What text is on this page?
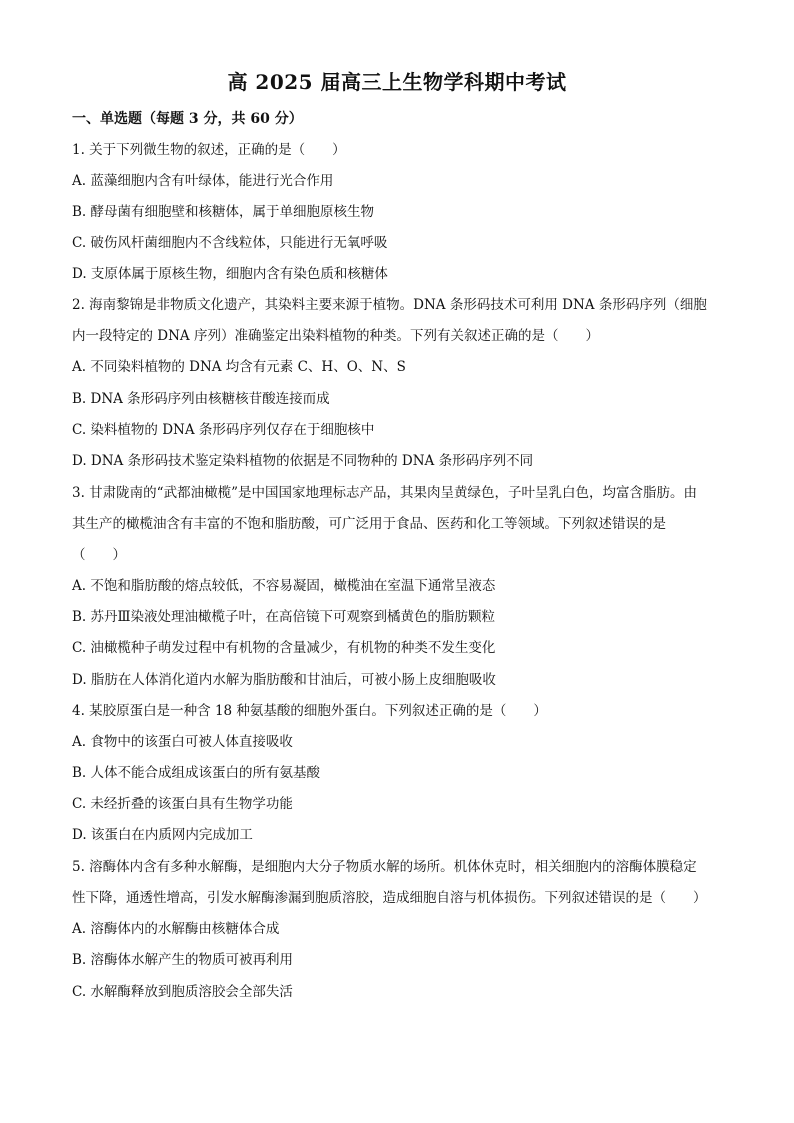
高 2025 届高三上生物学科期中考试
一、单选题（每题 3 分，共 60 分）
1. 关于下列微生物的叙述，正确的是（　　）
A. 蓝藻细胞内含有叶绿体，能进行光合作用
B. 酵母菌有细胞壁和核糖体，属于单细胞原核生物
C. 破伤风杆菌细胞内不含线粒体，只能进行无氧呼吸
D. 支原体属于原核生物，细胞内含有染色质和核糖体
2. 海南黎锦是非物质文化遗产，其染料主要来源于植物。DNA 条形码技术可利用 DNA 条形码序列（细胞
内一段特定的 DNA 序列）准确鉴定出染料植物的种类。下列有关叙述正确的是（　　）
A. 不同染料植物的 DNA 均含有元素 C、H、O、N、S
B. DNA 条形码序列由核糖核苷酸连接而成
C. 染料植物的 DNA 条形码序列仅存在于细胞核中
D. DNA 条形码技术鉴定染料植物的依据是不同物种的 DNA 条形码序列不同
3. 甘肃陇南的“武都油橄榄”是中国国家地理标志产品，其果肉呈黄绿色，子叶呈乳白色，均富含脂肪。由
其生产的橄榄油含有丰富的不饱和脂肪酸，可广泛用于食品、医药和化工等领域。下列叙述错误的是
（　　）
A. 不饱和脂肪酸的熔点较低，不容易凝固，橄榄油在室温下通常呈液态
B. 苏丹Ⅲ染液处理油橄榄子叶，在高倍镜下可观察到橘黄色的脂肪颗粒
C. 油橄榄种子萌发过程中有机物的含量减少，有机物的种类不发生变化
D. 脂肪在人体消化道内水解为脂肪酸和甘油后，可被小肠上皮细胞吸收
4. 某胶原蛋白是一种含 18 种氨基酸的细胞外蛋白。下列叙述正确的是（　　）
A. 食物中的该蛋白可被人体直接吸收
B. 人体不能合成组成该蛋白的所有氨基酸
C. 未经折叠的该蛋白具有生物学功能
D. 该蛋白在内质网内完成加工
5. 溶酶体内含有多种水解酶，是细胞内大分子物质水解的场所。机体休克时，相关细胞内的溶酶体膜稳定
性下降，通透性增高，引发水解酶渗漏到胞质溶胶，造成细胞自溶与机体损伤。下列叙述错误的是（　　）
A. 溶酶体内的水解酶由核糖体合成
B. 溶酶体水解产生的物质可被再利用
C. 水解酶释放到胞质溶胶会全部失活
